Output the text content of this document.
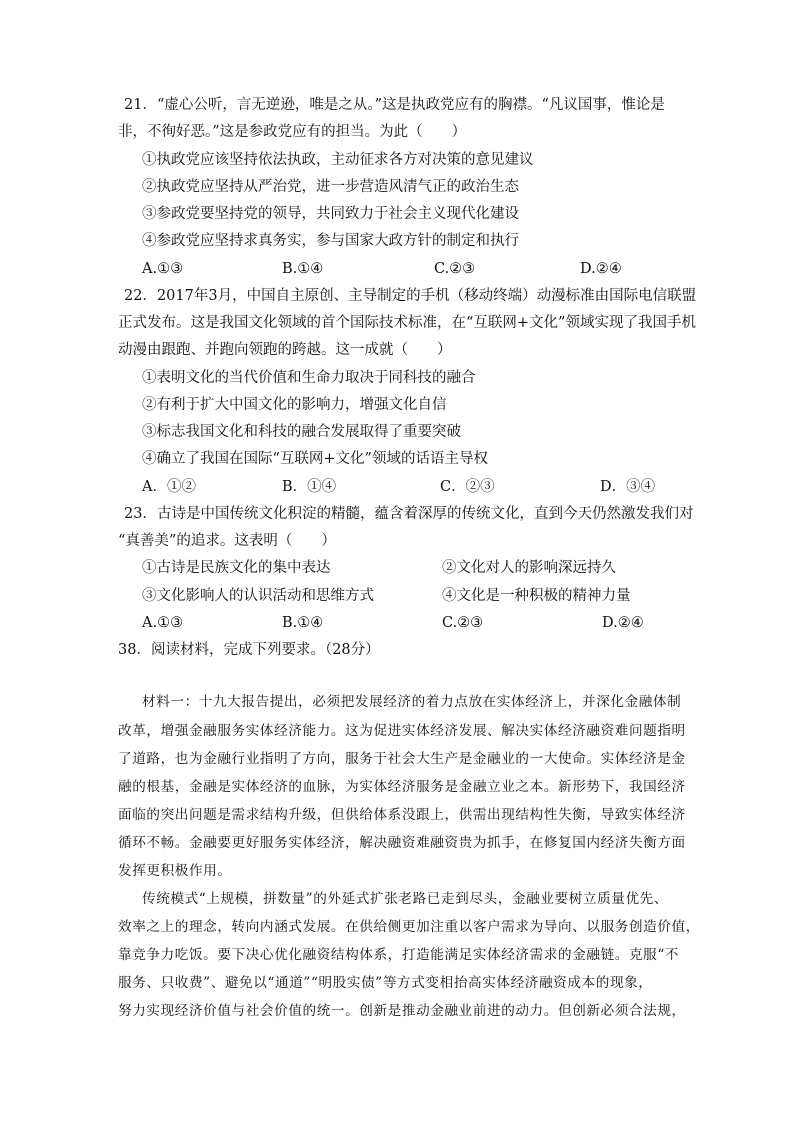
21．“虚心公听，言无逆逊，唯是之从。”这是执政党应有的胸襟。“凡议国事，惟论是
非，不徇好恶。”这是参政党应有的担当。为此（　　）
①执政党应该坚持依法执政，主动征求各方对决策的意见建议
②执政党应坚持从严治党，进一步营造风清气正的政治生态
③参政党要坚持党的领导，共同致力于社会主义现代化建设
④参政党应坚持求真务实，参与国家大政方针的制定和执行
A.①③	B.①④	C.②③	D.②④
22．2017年3月，中国自主原创、主导制定的手机（移动终端）动漫标准由国际电信联盟
正式发布。这是我国文化领域的首个国际技术标准，在“互联网+文化”领域实现了我国手机
动漫由跟跑、并跑向领跑的跨越。这一成就（　　）
①表明文化的当代价值和生命力取决于同科技的融合
②有利于扩大中国文化的影响力，增强文化自信
③标志我国文化和科技的融合发展取得了重要突破
④确立了我国在国际“互联网+文化”领域的话语主导权
A．①②	B．①④	C．②③	D．③④
23．古诗是中国传统文化积淀的精髓，蕴含着深厚的传统文化，直到今天仍然激发我们对
“真善美”的追求。这表明（　　）
①古诗是民族文化的集中表达	②文化对人的影响深远持久
③文化影响人的认识活动和思维方式	④文化是一种积极的精神力量
A.①③	B.①④	C.②③	D.②④
38．阅读材料，完成下列要求。（28分）
材料一：十九大报告提出，必须把发展经济的着力点放在实体经济上，并深化金融体制
改革，增强金融服务实体经济能力。这为促进实体经济发展、解决实体经济融资难问题指明
了道路，也为金融行业指明了方向，服务于社会大生产是金融业的一大使命。实体经济是金
融的根基，金融是实体经济的血脉，为实体经济服务是金融立业之本。新形势下，我国经济
面临的突出问题是需求结构升级，但供给体系没跟上，供需出现结构性失衡，导致实体经济
循环不畅。金融要更好服务实体经济，解决融资难融资贵为抓手，在修复国内经济失衡方面
发挥更积极作用。
传统模式“上规模，拼数量”的外延式扩张老路已走到尽头，金融业要树立质量优先、
效率之上的理念，转向内涵式发展。在供给侧更加注重以客户需求为导向、以服务创造价值，
靠竞争力吃饭。要下决心优化融资结构体系，打造能满足实体经济需求的金融链。克服“不
服务、只收费”、避免以“通道”“明股实债”等方式变相抬高实体经济融资成本的现象，
努力实现经济价值与社会价值的统一。创新是推动金融业前进的动力。但创新必须合法规，
